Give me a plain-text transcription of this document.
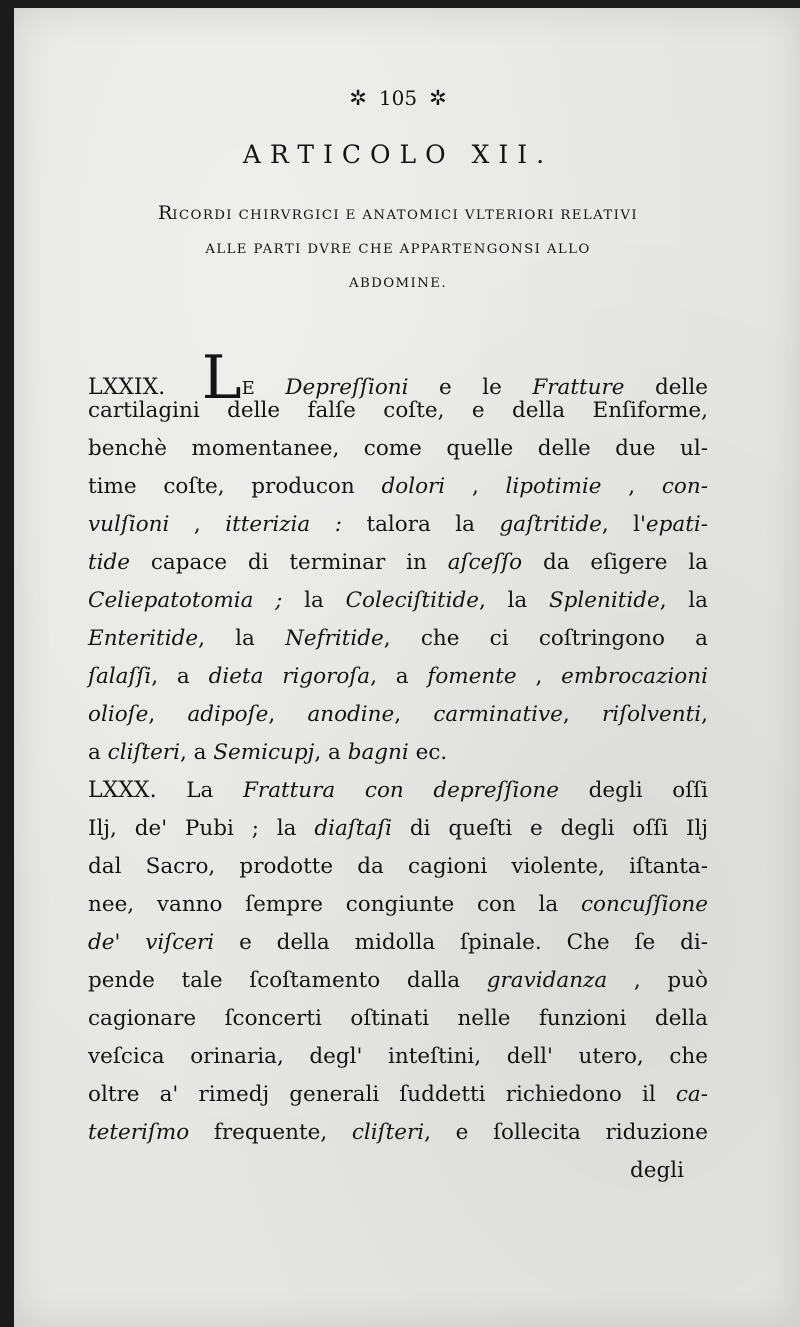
✲ 105 ✲
ARTICOLO XII.
RICORDI CHIRVRGICI E ANATOMICI VLTERIORI RELATIVI
ALLE PARTI DVRE CHE APPARTENGONSI ALLO
ABDOMINE.
LXXIX. LE Depreſſioni e le Fratture delle
cartilagini delle falſe coſte, e della Enſiforme,
benchè momentanee, come quelle delle due ul-
time coſte, producon dolori , lipotimie , con-
vulſioni , itterizia : talora la gaſtritide, l'epati-
tide capace di terminar in aſceſſo da eſigere la
Celiepatotomia ; la Coleciſtitide, la Splenitide, la
Enteritide, la Nefritide, che ci coſtringono a
ſalaſſi, a dieta rigoroſa, a fomente , embrocazioni
olioſe, adipoſe, anodine, carminative, riſolventi,
a cliſteri, a Semicupj, a bagni ec.
LXXX. La Frattura con depreſſione degli oſſi
Ilj, de' Pubi ; la diaſtaſi di queſti e degli oſſi Ilj
dal Sacro, prodotte da cagioni violente, iſtanta-
nee, vanno ſempre congiunte con la concuſſione
de' viſceri e della midolla ſpinale. Che ſe di-
pende tale ſcoſtamento dalla gravidanza , può
cagionare ſconcerti oſtinati nelle funzioni della
veſcica orinaria, degl' inteſtini, dell' utero, che
oltre a' rimedj generali ſuddetti richiedono il ca-
teteriſmo frequente, cliſteri, e ſollecita riduzione
degli
